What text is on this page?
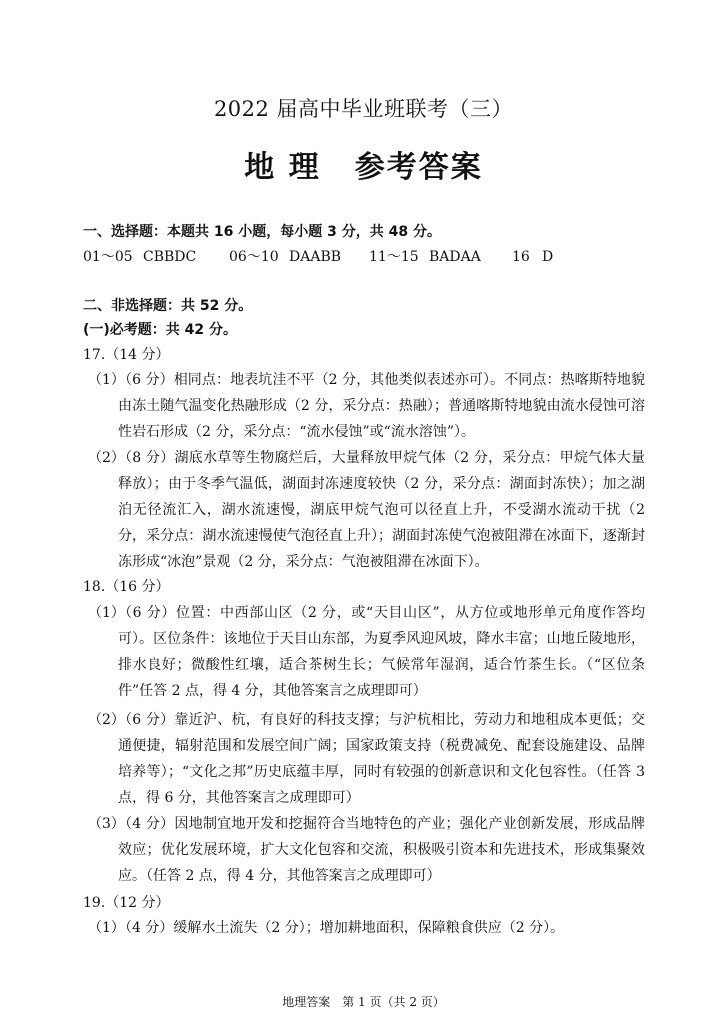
2022 届高中毕业班联考（三）
地 理 参考答案
一、选择题：本题共 16 小题，每小题 3 分，共 48 分。
01～05 CBBDC 06～10 DAABB 11～15 BADAA 16 D
二、非选择题：共 52 分。
(一)必考题：共 42 分。
17.（14 分）
（1）
（6 分）相同点：地表坑洼不平（2 分，其他类似表述亦可）。不同点：热喀斯特地貌由冻土随气温变化热融形成（2 分，采分点：热融）；普通喀斯特地貌由流水侵蚀可溶性岩石形成（2 分，采分点：“流水侵蚀”或“流水溶蚀”）。
（2）
（8 分）湖底水草等生物腐烂后，大量释放甲烷气体（2 分，采分点：甲烷气体大量释放）；由于冬季气温低，湖面封冻速度较快（2 分，采分点：湖面封冻快）；加之湖泊无径流汇入，湖水流速慢，湖底甲烷气泡可以径直上升，不受湖水流动干扰（2 分，采分点：湖水流速慢使气泡径直上升）；湖面封冻使气泡被阻滞在冰面下，逐渐封冻形成“冰泡”景观（2 分，采分点：气泡被阻滞在冰面下）。
18.（16 分）
（1）
（6 分）位置：中西部山区（2 分，或“天目山区”，从方位或地形单元角度作答均可）。区位条件：该地位于天目山东部，为夏季风迎风坡，降水丰富；山地丘陵地形，排水良好；微酸性红壤，适合茶树生长；气候常年湿润，适合竹茶生长。（“区位条件”任答 2 点，得 4 分，其他答案言之成理即可）
（2）
（6 分）靠近沪、杭，有良好的科技支撑；与沪杭相比，劳动力和地租成本更低；交通便捷，辐射范围和发展空间广阔；国家政策支持（税费减免、配套设施建设、品牌培养等）；“文化之邦”历史底蕴丰厚，同时有较强的创新意识和文化包容性。（任答 3 点，得 6 分，其他答案言之成理即可）
（3）
（4 分）因地制宜地开发和挖掘符合当地特色的产业；强化产业创新发展，形成品牌效应；优化发展环境，扩大文化包容和交流，积极吸引资本和先进技术，形成集聚效应。（任答 2 点，得 4 分，其他答案言之成理即可）
19.（12 分）
（1）
（4 分）缓解水土流失（2 分）；增加耕地面积，保障粮食供应（2 分）。
地理答案　第 1 页（共 2 页）
